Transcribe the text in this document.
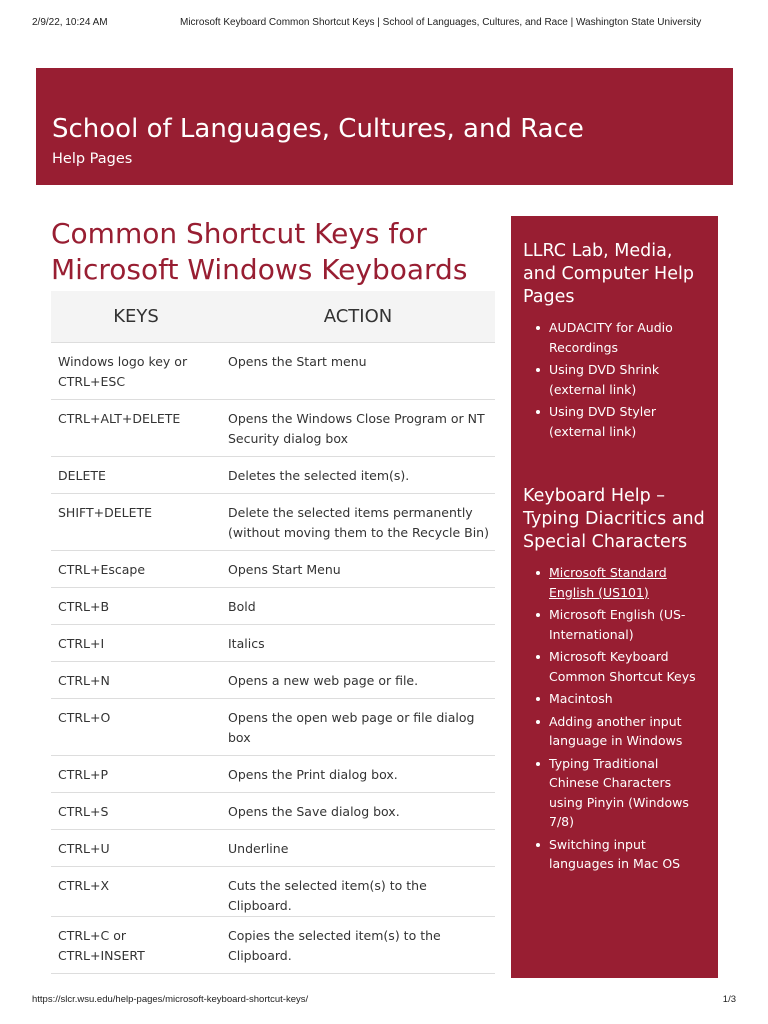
2/9/22, 10:24 AM	Microsoft Keyboard Common Shortcut Keys | School of Languages, Cultures, and Race | Washington State University
School of Languages, Cultures, and Race
Help Pages
Common Shortcut Keys for Microsoft Windows Keyboards
KEYS	ACTION
Windows logo key or CTRL+ESC	Opens the Start menu
CTRL+ALT+DELETE	Opens the Windows Close Program or NT Security dialog box
DELETE	Deletes the selected item(s).
SHIFT+DELETE	Delete the selected items permanently (without moving them to the Recycle Bin)
CTRL+Escape	Opens Start Menu
CTRL+B	Bold
CTRL+I	Italics
CTRL+N	Opens a new web page or file.
CTRL+O	Opens the open web page or file dialog box
CTRL+P	Opens the Print dialog box.
CTRL+S	Opens the Save dialog box.
CTRL+U	Underline
CTRL+X	Cuts the selected item(s) to the Clipboard.
CTRL+C or CTRL+INSERT	Copies the selected item(s) to the Clipboard.
LLRC Lab, Media, and Computer Help Pages
AUDACITY for Audio Recordings
Using DVD Shrink (external link)
Using DVD Styler (external link)
Keyboard Help – Typing Diacritics and Special Characters
Microsoft Standard English (US101)
Microsoft English (US-International)
Microsoft Keyboard Common Shortcut Keys
Macintosh
Adding another input language in Windows
Typing Traditional Chinese Characters using Pinyin (Windows 7/8)
Switching input languages in Mac OS
https://slcr.wsu.edu/help-pages/microsoft-keyboard-shortcut-keys/	1/3
